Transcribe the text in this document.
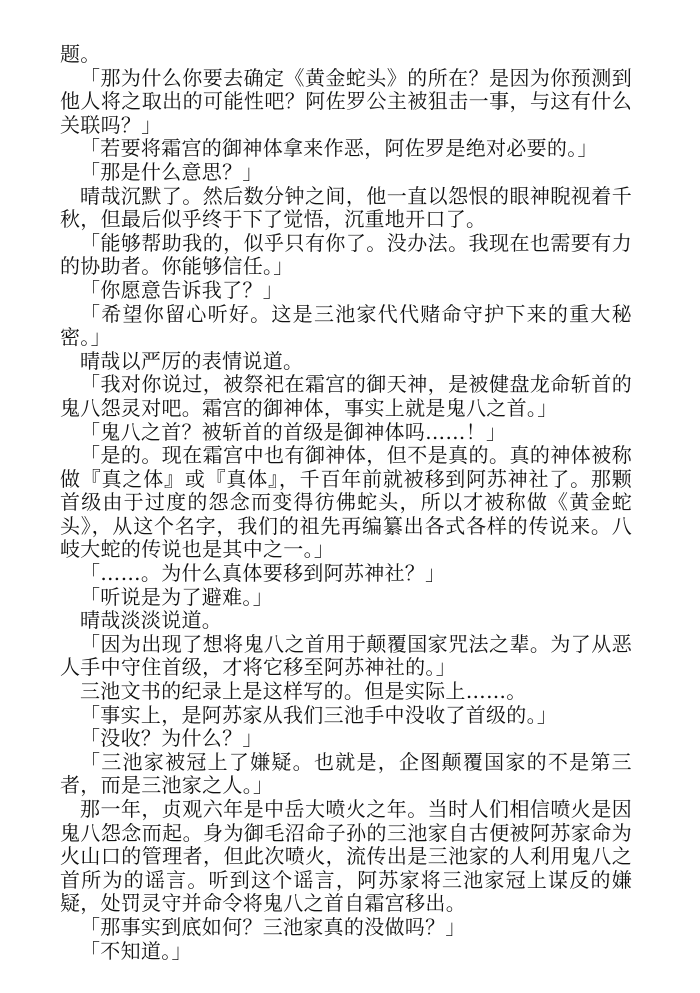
题。

「那为什么你要去确定《黄金蛇头》的所在？是因为你预测到他人将之取出的可能性吧？阿佐罗公主被狙击一事，与这有什么关联吗？」

「若要将霜宫的御神体拿来作恶，阿佐罗是绝对必要的。」

「那是什么意思？」

晴哉沉默了。然后数分钟之间，他一直以怨恨的眼神睨视着千秋，但最后似乎终于下了觉悟，沉重地开口了。

「能够帮助我的，似乎只有你了。没办法。我现在也需要有力的协助者。你能够信任。」

「你愿意告诉我了？」

「希望你留心听好。这是三池家代代赌命守护下来的重大秘密。」

晴哉以严厉的表情说道。

「我对你说过，被祭祀在霜宫的御天神，是被健盘龙命斩首的鬼八怨灵对吧。霜宫的御神体，事实上就是鬼八之首。」

「鬼八之首？被斩首的首级是御神体吗……！」

「是的。现在霜宫中也有御神体，但不是真的。真的神体被称做『真之体』或『真体』，千百年前就被移到阿苏神社了。那颗首级由于过度的怨念而变得彷佛蛇头，所以才被称做《黄金蛇头》，从这个名字，我们的祖先再编纂出各式各样的传说来。八岐大蛇的传说也是其中之一。」

「……。为什么真体要移到阿苏神社？」

「听说是为了避难。」

晴哉淡淡说道。

「因为出现了想将鬼八之首用于颠覆国家咒法之辈。为了从恶人手中守住首级，才将它移至阿苏神社的。」

三池文书的纪录上是这样写的。但是实际上……。

「事实上，是阿苏家从我们三池手中没收了首级的。」

「没收？为什么？」

「三池家被冠上了嫌疑。也就是，企图颠覆国家的不是第三者，而是三池家之人。」

那一年，贞观六年是中岳大喷火之年。当时人们相信喷火是因鬼八怨念而起。身为御毛沼命子孙的三池家自古便被阿苏家命为火山口的管理者，但此次喷火，流传出是三池家的人利用鬼八之首所为的谣言。听到这个谣言，阿苏家将三池家冠上谋反的嫌疑，处罚灵守并命令将鬼八之首自霜宫移出。

「那事实到底如何？三池家真的没做吗？」

「不知道。」
